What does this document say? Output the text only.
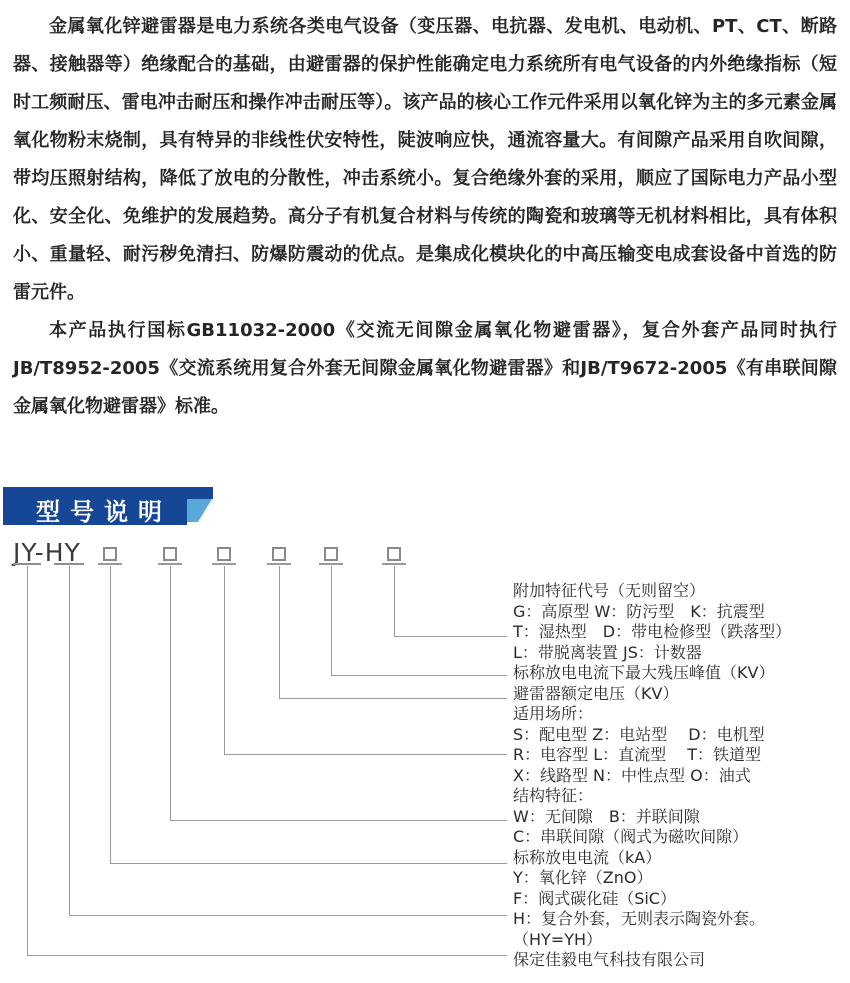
金属氧化锌避雷器是电力系统各类电气设备（变压器、电抗器、发电机、电动机、PT、CT、断路器、接触器等）绝缘配合的基础，由避雷器的保护性能确定电力系统所有电气设备的内外绝缘指标（短时工频耐压、雷电冲击耐压和操作冲击耐压等）。该产品的核心工作元件采用以氧化锌为主的多元素金属氧化物粉末烧制，具有特异的非线性伏安特性，陡波响应快，通流容量大。有间隙产品采用自吹间隙，带均压照射结构，降低了放电的分散性，冲击系统小。复合绝缘外套的采用，顺应了国际电力产品小型化、安全化、免维护的发展趋势。高分子有机复合材料与传统的陶瓷和玻璃等无机材料相比，具有体积小、重量轻、耐污秽免清扫、防爆防震动的优点。是集成化模块化的中高压输变电成套设备中首选的防雷元件。

本产品执行国标GB11032-2000《交流无间隙金属氧化物避雷器》，复合外套产品同时执行JB/T8952-2005《交流系统用复合外套无间隙金属氧化物避雷器》和JB/T9672-2005《有串联间隙金属氧化物避雷器》标准。

型号说明
JY-HY
附加特征代号（无则留空）
G：高原型 W：防污型　K：抗震型
T：湿热型　D：带电检修型（跌落型）
L：带脱离装置 JS：计数器
标称放电电流下最大残压峰值（KV）
避雷器额定电压（KV）
适用场所：
S：配电型 Z：电站型　 D：电机型
R：电容型 L：直流型　 T：铁道型
X：线路型 N：中性点型 O：油式
结构特征：
W：无间隙　B：并联间隙
C：串联间隙（阀式为磁吹间隙）
标称放电电流（kA）
Y：氧化锌（ZnO）
F：阀式碳化硅（SiC）
H：复合外套，无则表示陶瓷外套。
（HY=YH）
保定佳毅电气科技有限公司
